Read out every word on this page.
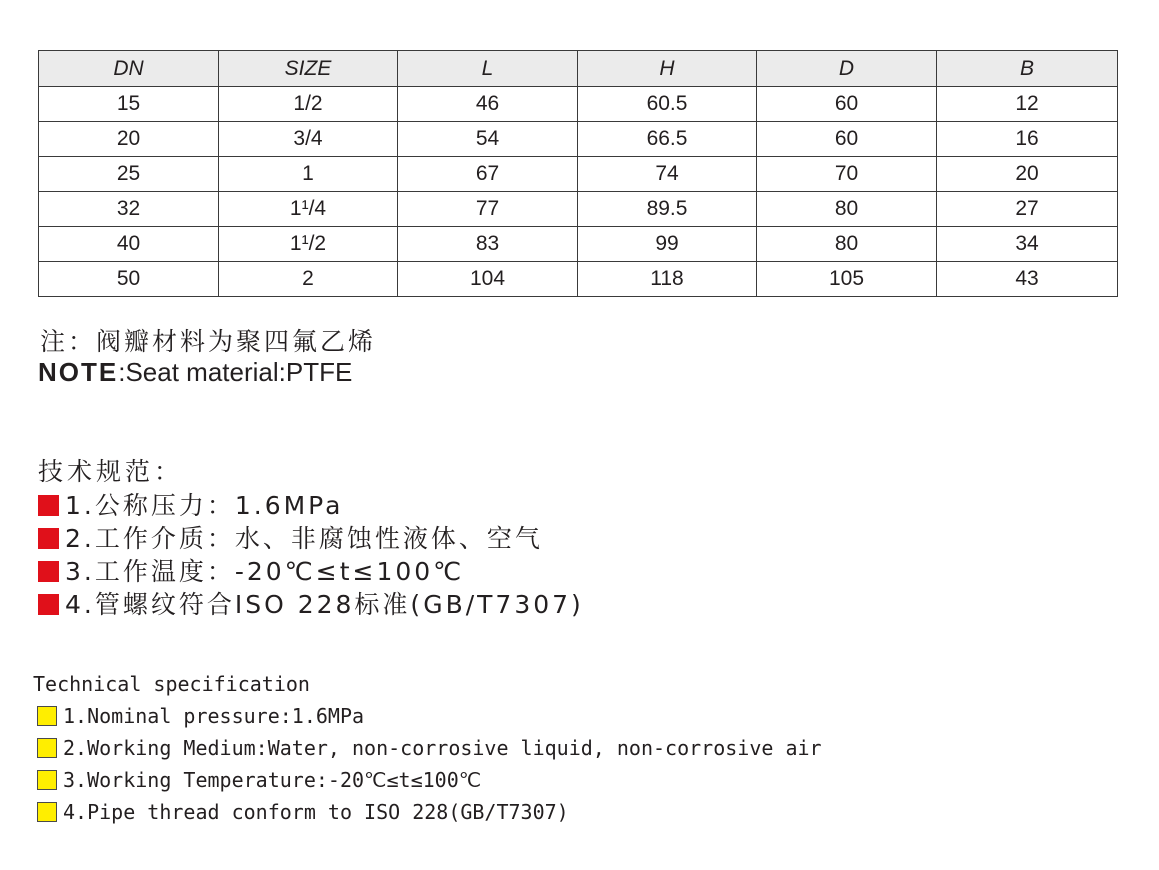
DN	SIZE	L	H	D	B
15	1/2	46	60.5	60	12
20	3/4	54	66.5	60	16
25	1	67	74	70	20
32	1¹/4	77	89.5	80	27
40	1¹/2	83	99	80	34
50	2	104	118	105	43
注：阀瓣材料为聚四氟乙烯
NOTE:Seat material:PTFE
技术规范：
1.公称压力：1.6MPa
2.工作介质：水、非腐蚀性液体、空气
3.工作温度：-20℃≤t≤100℃
4.管螺纹符合ISO 228标准(GB/T7307)
Technical specification
1.Nominal pressure:1.6MPa
2.Working Medium:Water, non-corrosive liquid, non-corrosive air
3.Working Temperature:-20℃≤t≤100℃
4.Pipe thread conform to ISO 228(GB/T7307)
